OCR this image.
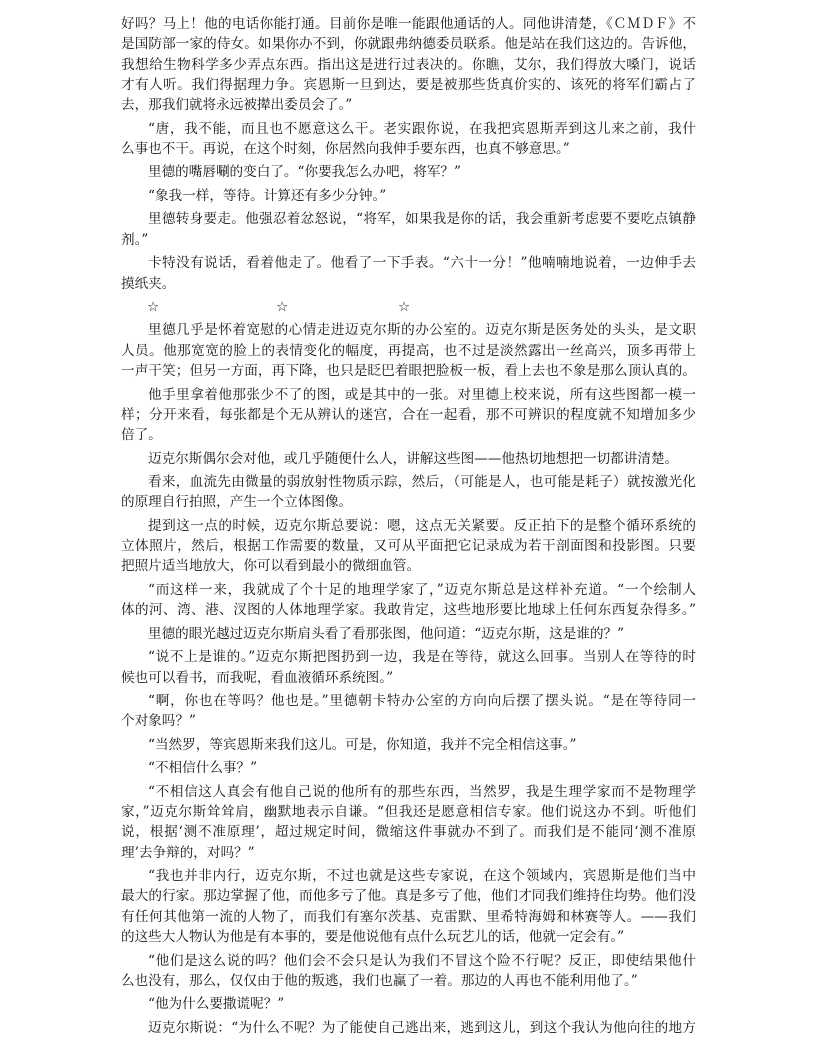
好吗？马上！他的电话你能打通。目前你是唯一能跟他通话的人。同他讲清楚，《ＣＭＤＦ》不
是国防部一家的侍女。如果你办不到，你就跟弗纳德委员联系。他是站在我们这边的。告诉他，
我想给生物科学多少弄点东西。指出这是进行过表决的。你瞧，艾尔，我们得放大嗓门，说话
才有人听。我们得据理力争。宾恩斯一旦到达，要是被那些货真价实的、该死的将军们霸占了
去，那我们就将永远被撵出委员会了。”
“唐，我不能，而且也不愿意这么干。老实跟你说，在我把宾恩斯弄到这儿来之前，我什
么事也不干。再说，在这个时刻，你居然向我伸手要东西，也真不够意思。”
里德的嘴唇唰的变白了。“你要我怎么办吧，将军？”
“象我一样，等待。计算还有多少分钟。”
里德转身要走。他强忍着忿怒说，“将军，如果我是你的话，我会重新考虑要不要吃点镇静
剂。”
卡特没有说话，看着他走了。他看了一下手表。“六十一分！”他喃喃地说着，一边伸手去
摸纸夹。
☆	☆	☆
里德几乎是怀着宽慰的心情走进迈克尔斯的办公室的。迈克尔斯是医务处的头头，是文职
人员。他那宽宽的脸上的表情变化的幅度，再提高，也不过是淡然露出一丝高兴，顶多再带上
一声干笑；但另一方面，再下降，也只是眨巴着眼把脸板一板，看上去也不象是那么顶认真的。
他手里拿着他那张少不了的图，或是其中的一张。对里德上校来说，所有这些图都一模一
样；分开来看，每张都是个无从辨认的迷宫，合在一起看，那不可辨识的程度就不知增加多少
倍了。
迈克尔斯偶尔会对他，或几乎随便什么人，讲解这些图——他热切地想把一切都讲清楚。
看来，血流先由微量的弱放射性物质示踪，然后，（可能是人，也可能是耗子）就按激光化
的原理自行拍照，产生一个立体图像。
提到这一点的时候，迈克尔斯总要说：嗯，这点无关紧要。反正拍下的是整个循环系统的
立体照片，然后，根据工作需要的数量，又可从平面把它记录成为若干剖面图和投影图。只要
把照片适当地放大，你可以看到最小的微细血管。
“而这样一来，我就成了个十足的地理学家了，”迈克尔斯总是这样补充道。“一个绘制人
体的河、湾、港、汊图的人体地理学家。我敢肯定，这些地形要比地球上任何东西复杂得多。”
里德的眼光越过迈克尔斯肩头看了看那张图，他问道：“迈克尔斯，这是谁的？”
“说不上是谁的。”迈克尔斯把图扔到一边，我是在等待，就这么回事。当别人在等待的时
候也可以看书，而我呢，看血液循环系统图。”
“啊，你也在等吗？他也是。”里德朝卡特办公室的方向向后摆了摆头说。“是在等待同一
个对象吗？”
“当然罗，等宾恩斯来我们这儿。可是，你知道，我并不完全相信这事。”
“不相信什么事？”
“不相信这人真会有他自己说的他所有的那些东西，当然罗，我是生理学家而不是物理学
家，”迈克尔斯耸耸肩，幽默地表示自谦。“但我还是愿意相信专家。他们说这办不到。听他们
说，根据‘测不准原理’，超过规定时间，微缩这件事就办不到了。而我们是不能同‘测不准原
理’去争辩的，对吗？”
“我也并非内行，迈克尔斯，不过也就是这些专家说，在这个领域内，宾恩斯是他们当中
最大的行家。那边掌握了他，而他多亏了他。真是多亏了他，他们才同我们维持住均势。他们没
有任何其他第一流的人物了，而我们有塞尔茨基、克雷默、里希特海姆和林赛等人。——我们
的这些大人物认为他是有本事的，要是他说他有点什么玩艺儿的话，他就一定会有。”
“他们是这么说的吗？他们会不会只是认为我们不冒这个险不行呢？反正，即使结果他什
么也没有，那么，仅仅由于他的叛逃，我们也赢了一着。那边的人再也不能利用他了。”
“他为什么要撒谎呢？”
迈克尔斯说：“为什么不呢？为了能使自己逃出来，逃到这儿，到这个我认为他向往的地方
